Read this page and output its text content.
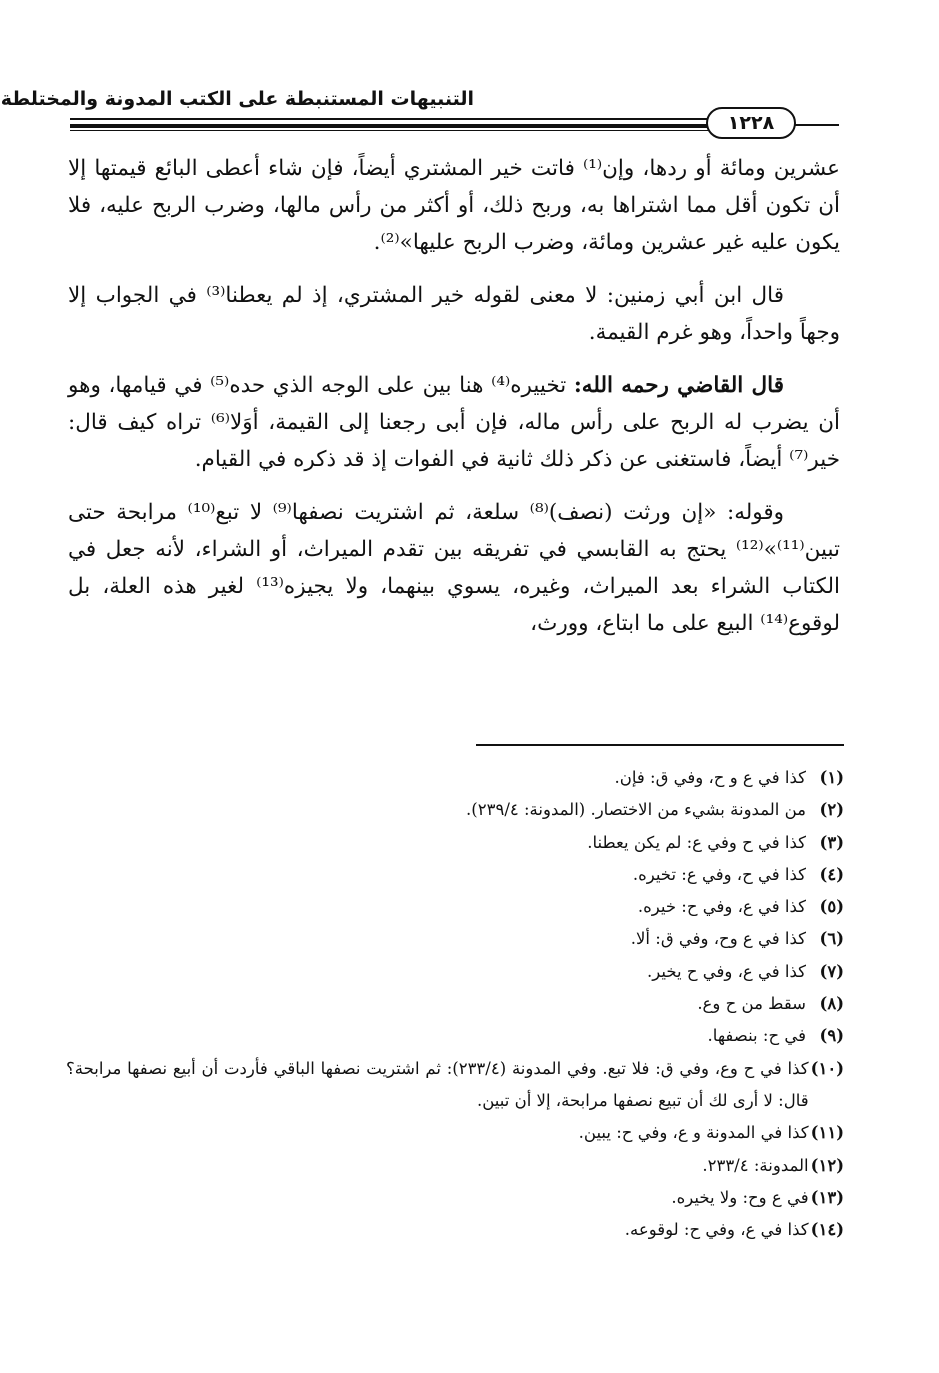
التنبيهات المستنبطة على الكتب المدونة والمختلطة
١٢٢٨

عشرين ومائة أو ردها، وإن⁽¹⁾ فاتت خير المشتري أيضاً، فإن شاء أعطى البائع قيمتها إلا أن تكون أقل مما اشتراها به، وربح ذلك، أو أكثر من رأس مالها، وضرب الربح عليه، فلا يكون عليه غير عشرين ومائة، وضرب الربح عليها»⁽²⁾.

قال ابن أبي زمنين: لا معنى لقوله خير المشتري، إذ لم يعطنا⁽³⁾ في الجواب إلا وجهاً واحداً، وهو غرم القيمة.

قال القاضي رحمه الله: تخييره⁽⁴⁾ هنا بين على الوجه الذي حده⁽⁵⁾ في قيامها، وهو أن يضرب له الربح على رأس ماله، فإن أبى رجعنا إلى القيمة، أوَلا⁽⁶⁾ تراه كيف قال: خير⁽⁷⁾ أيضاً، فاستغنى عن ذكر ذلك ثانية في الفوات إذ قد ذكره في القيام.

وقوله: «إن ورثت (نصف)⁽⁸⁾ سلعة، ثم اشتريت نصفها⁽⁹⁾ لا تبع⁽¹⁰⁾ مرابحة حتى تبين⁽¹¹⁾»⁽¹²⁾ يحتج به القابسي في تفريقه بين تقدم الميراث، أو الشراء، لأنه جعل في الكتاب الشراء بعد الميراث، وغيره، يسوي بينهما، ولا يجيزه⁽¹³⁾ لغير هذه العلة، بل لوقوع⁽¹⁴⁾ البيع على ما ابتاع، وورث،

(١)
كذا في ع و ح، وفي ق: فإن.
(٢)
من المدونة بشيء من الاختصار. (المدونة: ٢٣٩/٤).
(٣)
كذا في ح وفي ع: لم يكن يعطنا.
(٤)
كذا في ح، وفي ع: تخيره.
(٥)
كذا في ع، وفي ح: خيره.
(٦)
كذا في ع وح، وفي ق: ألا.
(٧)
كذا في ع، وفي ح يخير.
(٨)
سقط من ح وع.
(٩)
في ح: بنصفها.
(١٠)
كذا في ح وع، وفي ق: فلا تبع. وفي المدونة (٢٣٣/٤): ثم اشتريت نصفها الباقي فأردت أن أبيع نصفها مرابحة؟ قال: لا أرى لك أن تبيع نصفها مرابحة، إلا أن تبين.
(١١)
كذا في المدونة و ع، وفي ح: يبين.
(١٢)
المدونة: ٢٣٣/٤.
(١٣)
في ع وح: ولا يخيره.
(١٤)
كذا في ع، وفي ح: لوقوعه.
